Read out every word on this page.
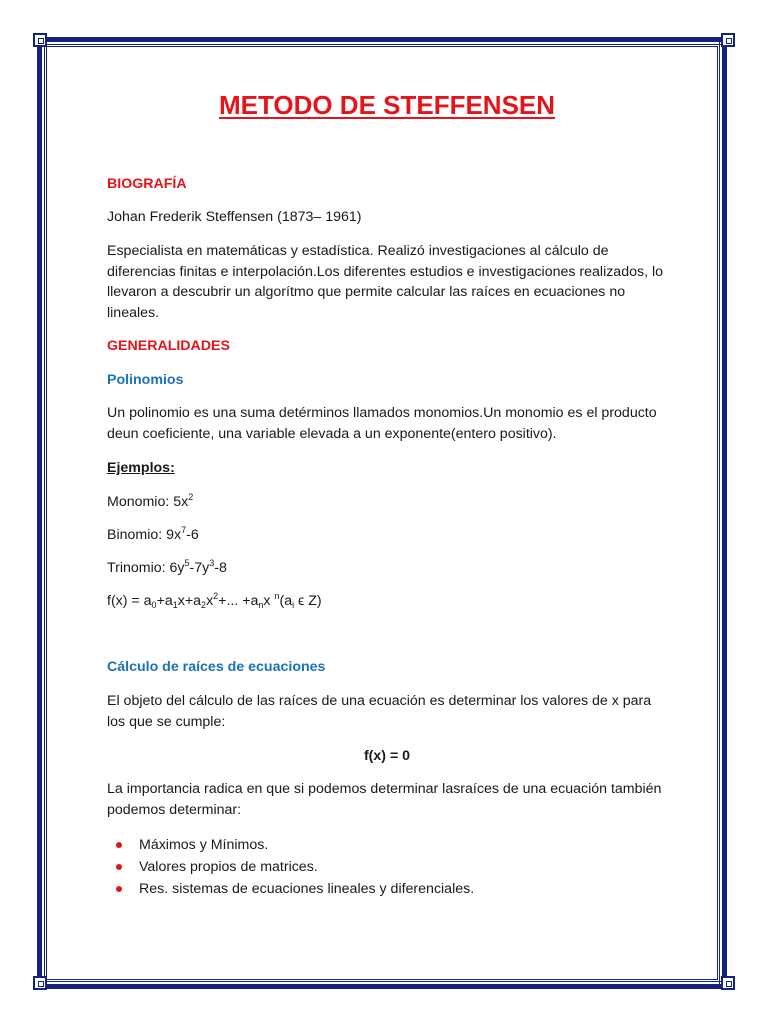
METODO DE STEFFENSEN
BIOGRAFÍA
Johan Frederik Steffensen (1873– 1961)
Especialista en matemáticas y estadística. Realizó investigaciones al cálculo de diferencias finitas e interpolación.Los diferentes estudios e investigaciones realizados, lo llevaron a descubrir un algorítmo que permite calcular las raíces en ecuaciones no lineales.
GENERALIDADES
Polinomios
Un polinomio es una suma detérminos llamados monomios.Un monomio es el producto deun coeficiente, una variable elevada a un exponente(entero positivo).
Ejemplos:
Monomio: $5x^2$
Binomio: $9x^7-6$
Trinomio: $6y^5-7y^3-8$
$f(x) = a_0+a_1x+a_2x^2+$... $+a_nx$ $^n(a_i$ ϵ Z)
Cálculo de raíces de ecuaciones
El objeto del cálculo de las raíces de una ecuación es determinar los valores de x para los que se cumple:
f(x) = 0
La importancia radica en que si podemos determinar lasraíces de una ecuación también podemos determinar:
Máximos y Mínimos.
Valores propios de matrices.
Res. sistemas de ecuaciones lineales y diferenciales.
